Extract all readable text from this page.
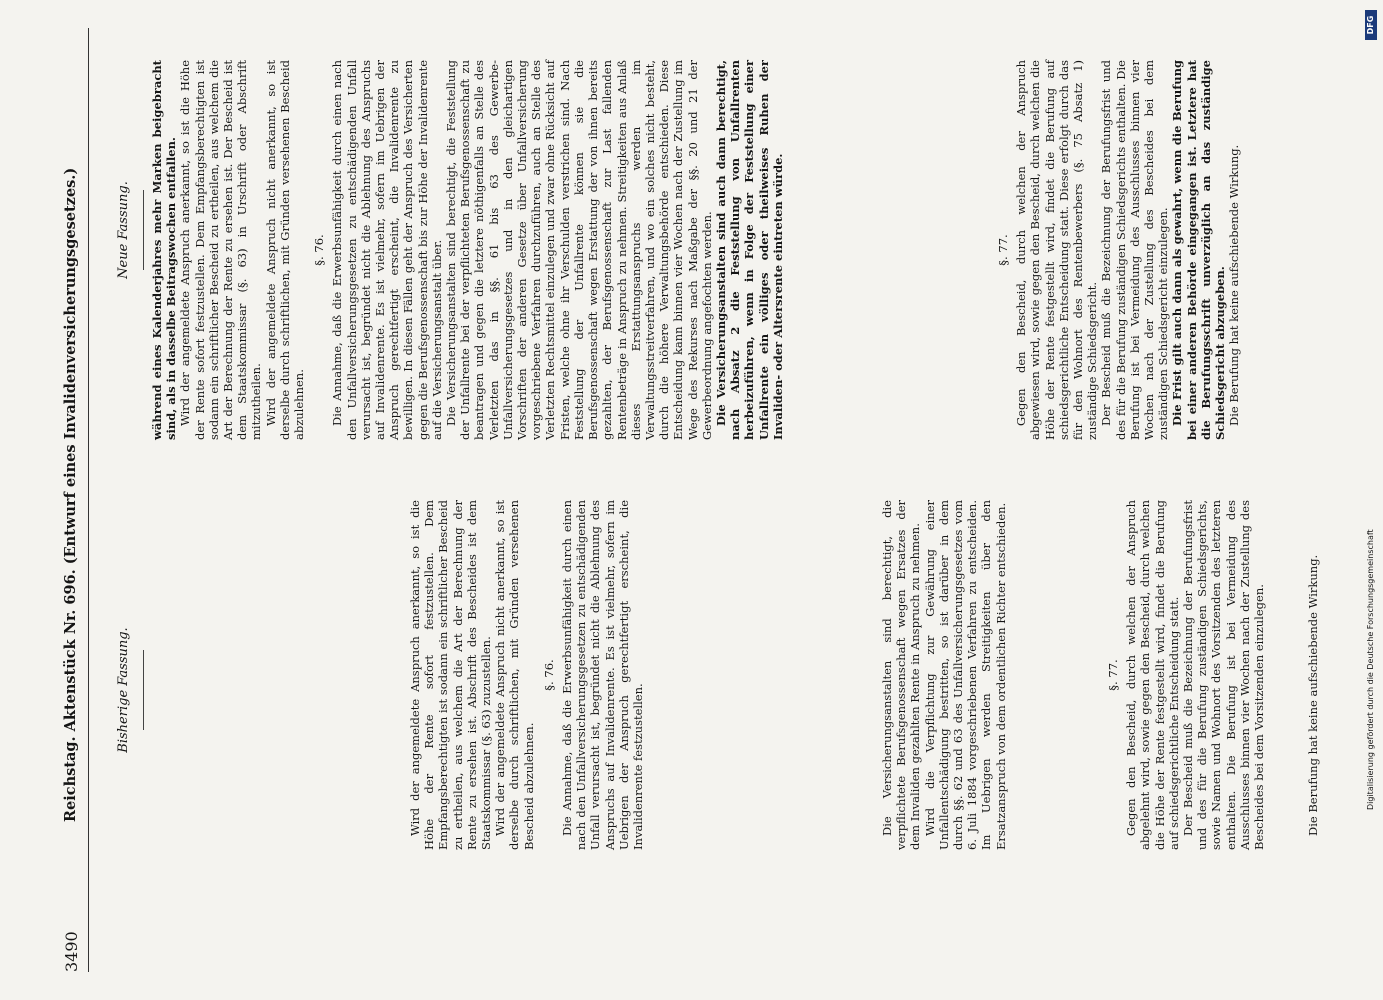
3490
Reichstag. Aktenstück Nr. 696. (Entwurf eines Invalidenversicherungsgesetzes.)	Bisherige Fassung.
Neue Fassung.

Wird der angemeldete Anspruch anerkannt, so ist die Höhe der Rente sofort festzustellen. Dem Empfangsberechtigten ist sodann ein schriftlicher Bescheid zu ertheilen, aus welchem die Art der Berechnung der Rente zu ersehen ist. Abschrift des Bescheides ist dem Staatskommissar (§. 63) zuzustellen. Wird der angemeldete Anspruch nicht anerkannt, so ist derselbe durch schriftlichen, mit Gründen versehenen Bescheid abzulehnen.

§. 76. Die Annahme, daß die Erwerbsunfähigkeit durch einen nach den Unfallversicherungsgesetzen zu entschädigenden Unfall verursacht ist, begründet nicht die Ablehnung des Anspruchs auf Invalidenrente. Es ist vielmehr, sofern im Uebrigen der Anspruch gerechtfertigt erscheint, die Invalidenrente festzustellen.	Die Versicherungsanstalten sind berechtigt, die verpflichtete Berufsgenossenschaft wegen Ersatzes der dem Invaliden gezahlten Rente in Anspruch zu nehmen. Wird die Verpflichtung zur Gewährung einer Unfallentschädigung bestritten, so ist darüber in dem durch §§. 62 und 63 des Unfallversicherungsgesetzes vom 6. Juli 1884 vorgeschriebenen Verfahren zu entscheiden. Im Uebrigen werden Streitigkeiten über den Ersatzanspruch von dem ordentlichen Richter entschieden.	§. 77. Gegen den Bescheid, durch welchen der Anspruch abgelehnt wird, sowie gegen den Bescheid, durch welchen die Höhe der Rente festgestellt wird, findet die Berufung auf schiedsgerichtliche Entscheidung statt. Der Bescheid muß die Bezeichnung der Berufungsfrist und des für die Berufung zuständigen Schiedsgerichts, sowie Namen und Wohnort des Vorsitzenden des letzteren enthalten. Die Berufung ist bei Vermeidung des Ausschlusses binnen vier Wochen nach der Zustellung des Bescheides bei dem Vorsitzenden einzulegen.	Die Berufung hat keine aufschiebende Wirkung.

während eines Kalenderjahres mehr Marken beigebracht sind, als in dasselbe Beitragswochen entfallen. Wird der angemeldete Anspruch anerkannt, so ist die Höhe der Rente sofort festzustellen. Dem Empfangsberechtigten ist sodann ein schriftlicher Bescheid zu ertheilen, aus welchem die Art der Berechnung der Rente zu ersehen ist. Der Bescheid ist dem Staatskommissar (§. 63) in Urschrift oder Abschrift mitzutheilen. Wird der angemeldete Anspruch nicht anerkannt, so ist derselbe durch schriftlichen, mit Gründen versehenen Bescheid abzulehnen.

§. 76. Die Annahme, daß die Erwerbsunfähigkeit durch einen nach den Unfallversicherungsgesetzen zu entschädigenden Unfall verursacht ist, begründet nicht die Ablehnung des Anspruchs auf Invalidenrente. Es ist vielmehr, sofern im Uebrigen der Anspruch gerechtfertigt erscheint, die Invalidenrente zu bewilligen. In diesen Fällen geht der Anspruch des Versicherten gegen die Berufsgenossenschaft bis zur Höhe der Invalidenrente auf die Versicherungsanstalt über. Die Versicherungsanstalten sind berechtigt, die Feststellung der Unfallrente bei der verpflichteten Berufsgenossenschaft zu beantragen und gegen die letztere nöthigenfalls an Stelle des Verletzten das in §§. 61 bis 63 des Gewerbe-Unfallversicherungsgesetzes und in den gleichartigen Vorschriften der anderen Gesetze über Unfallversicherung vorgeschriebene Verfahren durchzuführen, auch an Stelle des Verletzten Rechtsmittel einzulegen und zwar ohne Rücksicht auf Fristen, welche ohne ihr Verschulden verstrichen sind. Nach Feststellung der Unfallrente können sie die Berufsgenossenschaft wegen Erstattung der von ihnen bereits gezahlten, der Berufsgenossenschaft zur Last fallenden Rentenbeträge in Anspruch zu nehmen. Streitigkeiten aus Anlaß dieses Erstattungsanspruchs werden im Verwaltungsstreitverfahren, und wo ein solches nicht besteht, durch die höhere Verwaltungsbehörde entschieden. Diese Entscheidung kann binnen vier Wochen nach der Zustellung im Wege des Rekurses nach Maßgabe der §§. 20 und 21 der Gewerbeordnung angefochten werden. Die Versicherungsanstalten sind auch dann berechtigt, nach Absatz 2 die Feststellung von Unfallrenten herbeizuführen, wenn in Folge der Feststellung einer Unfallrente ein völliges oder theilweises Ruhen der Invaliden- oder Altersrente eintreten würde.	§. 77. Gegen den Bescheid, durch welchen der Anspruch abgewiesen wird, sowie gegen den Bescheid, durch welchen die Höhe der Rente festgestellt wird, findet die Berufung auf schiedsgerichtliche Entscheidung statt. Diese erfolgt durch das für den Wohnort des Rentenbewerbers (§. 75 Absatz 1) zuständige Schiedsgericht. Der Bescheid muß die Bezeichnung der Berufungsfrist und des für die Berufung zuständigen Schiedsgerichts enthalten. Die Berufung ist bei Vermeidung des Ausschlusses binnen vier Wochen nach der Zustellung des Bescheides bei dem zuständigen Schiedsgericht einzulegen. Die Frist gilt auch dann als gewahrt, wenn die Berufung bei einer anderen Behörde eingegangen ist. Letztere hat die Berufungsschrift unverzüglich an das zuständige Schiedsgericht abzugeben. Die Berufung hat keine aufschiebende Wirkung.

Digitalisierung gefördert durch die Deutsche Forschungsgemeinschaft
DFG
